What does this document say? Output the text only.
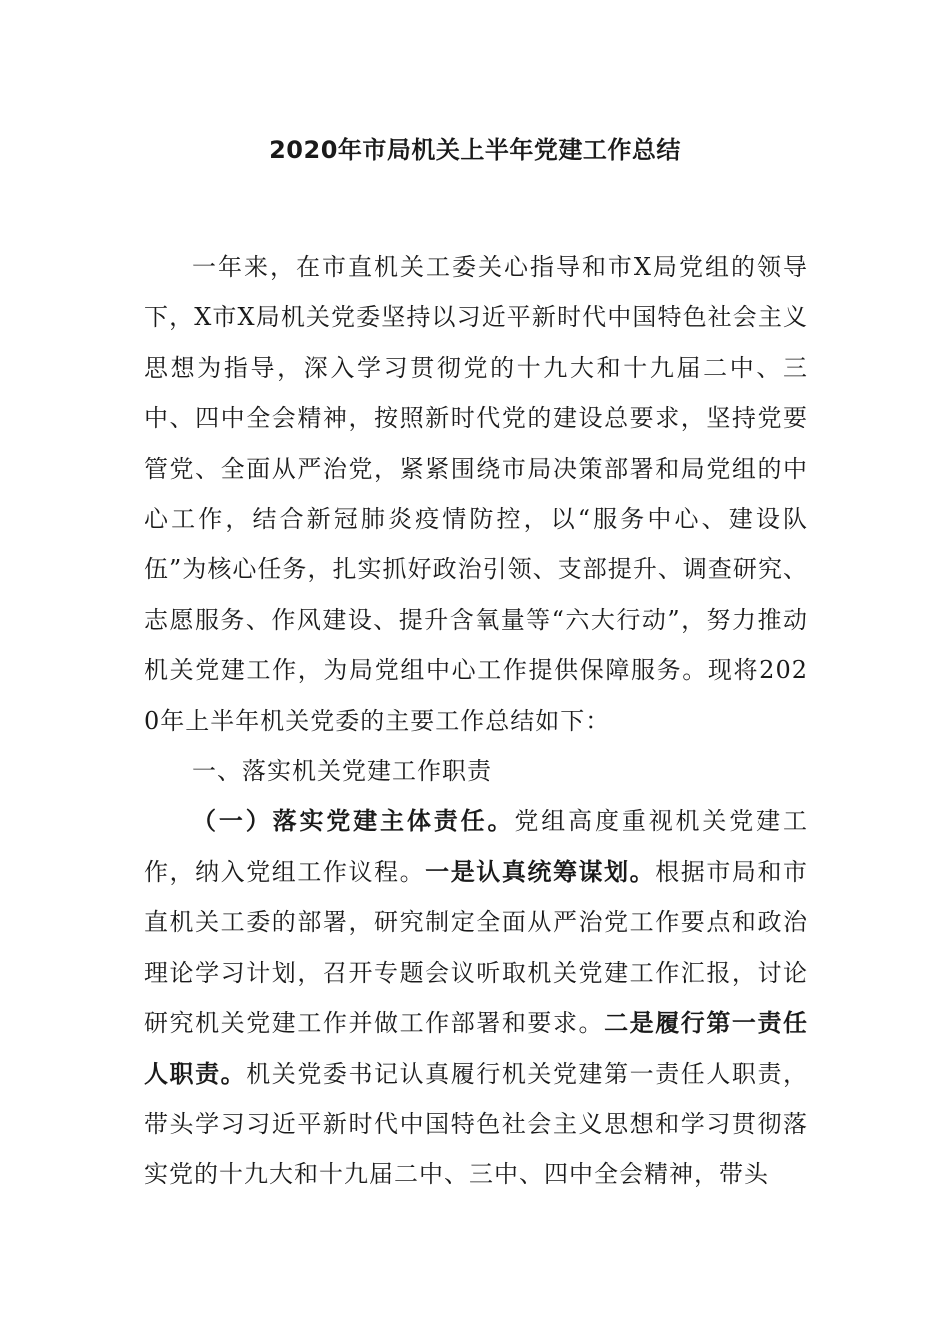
2020年市局机关上半年党建工作总结

一年来，在市直机关工委关心指导和市X局党组的领导下，X市X局机关党委坚持以习近平新时代中国特色社会主义思想为指导，深入学习贯彻党的十九大和十九届二中、三中、四中全会精神，按照新时代党的建设总要求，坚持党要管党、全面从严治党，紧紧围绕市局决策部署和局党组的中心工作，结合新冠肺炎疫情防控，以“服务中心、建设队伍”为核心任务，扎实抓好政治引领、支部提升、调查研究、志愿服务、作风建设、提升含氧量等“六大行动”，努力推动机关党建工作，为局党组中心工作提供保障服务。现将2020年上半年机关党委的主要工作总结如下：

一、落实机关党建工作职责

（一）落实党建主体责任。党组高度重视机关党建工作，纳入党组工作议程。一是认真统筹谋划。根据市局和市直机关工委的部署，研究制定全面从严治党工作要点和政治理论学习计划，召开专题会议听取机关党建工作汇报，讨论研究机关党建工作并做工作部署和要求。二是履行第一责任人职责。机关党委书记认真履行机关党建第一责任人职责，带头学习习近平新时代中国特色社会主义思想和学习贯彻落实党的十九大和十九届二中、三中、四中全会精神，带头
